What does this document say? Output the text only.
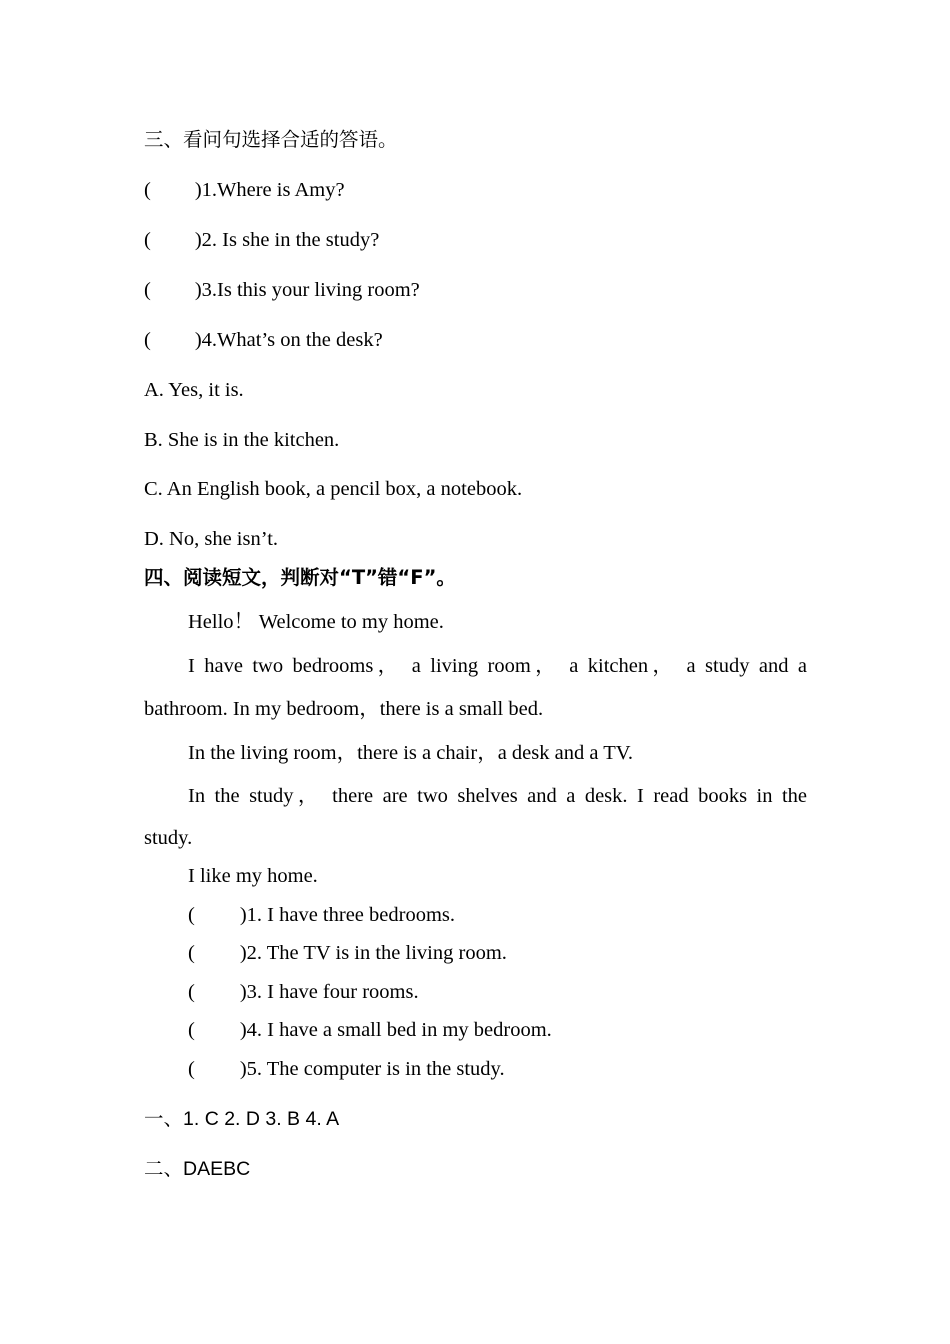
三、看问句选择合适的答语。
( )1.Where is Amy?
( )2. Is she in the study?
( )3.Is this your living room?
( )4.What’s on the desk?
A. Yes, it is.
B. She is in the kitchen.
C. An English book, a pencil box, a notebook.
D. No, she isn’t.
四、阅读短文，判断对“T”错“F”。
Hello！ Welcome to my home.
I have two bedrooms， a living room， a kitchen， a study and a
bathroom. In my bedroom，there is a small bed.
In the living room，there is a chair，a desk and a TV.
In the study， there are two shelves and a desk. I read books in the
study.
I like my home.
( )1. I have three bedrooms.
( )2. The TV is in the living room.
( )3. I have four rooms.
( )4. I have a small bed in my bedroom.
( )5. The computer is in the study.
一、1. C 2. D 3. B 4. A
二、DAEBC
